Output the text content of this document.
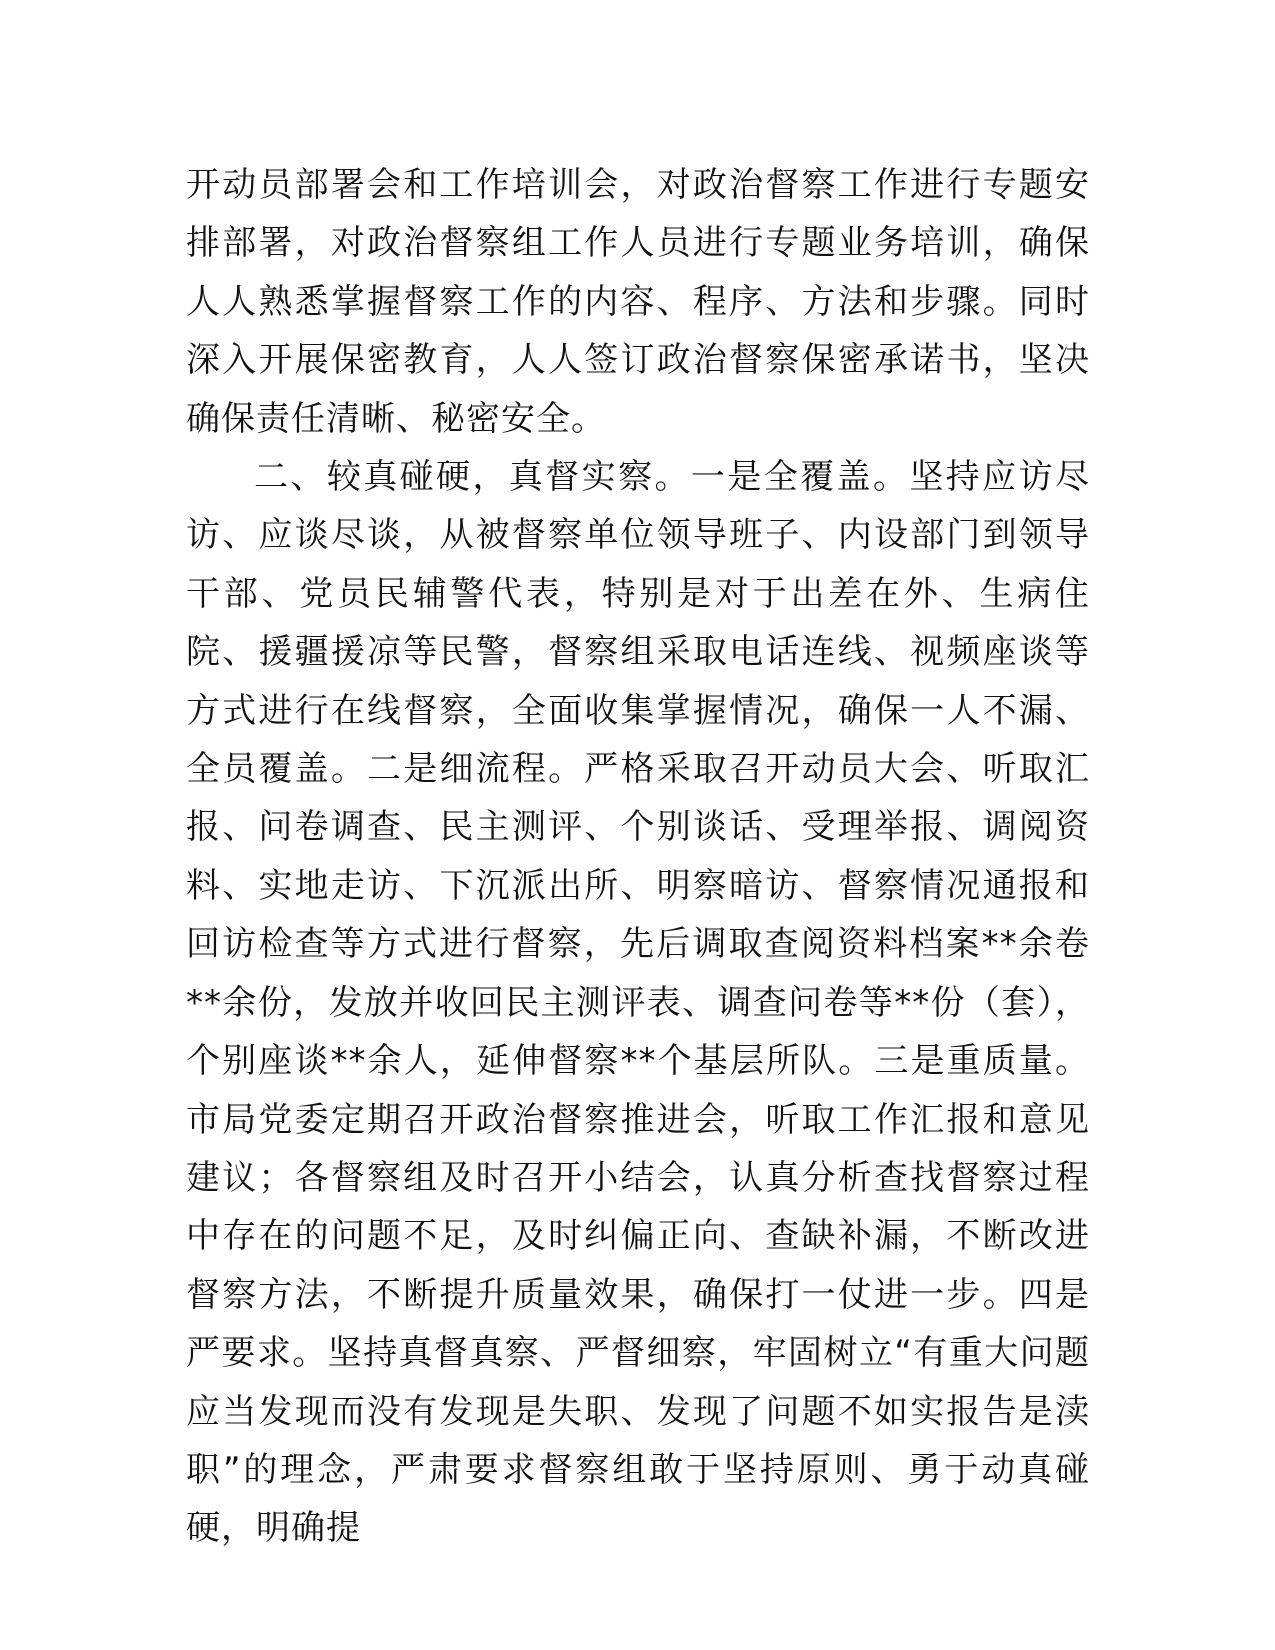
开动员部署会和工作培训会，对政治督察工作进行专题安排部署，对政治督察组工作人员进行专题业务培训，确保人人熟悉掌握督察工作的内容、程序、方法和步骤。同时深入开展保密教育，人人签订政治督察保密承诺书，坚决确保责任清晰、秘密安全。

二、较真碰硬，真督实察。一是全覆盖。坚持应访尽访、应谈尽谈，从被督察单位领导班子、内设部门到领导干部、党员民辅警代表，特别是对于出差在外、生病住院、援疆援凉等民警，督察组采取电话连线、视频座谈等方式进行在线督察，全面收集掌握情况，确保一人不漏、全员覆盖。二是细流程。严格采取召开动员大会、听取汇报、问卷调查、民主测评、个别谈话、受理举报、调阅资料、实地走访、下沉派出所、明察暗访、督察情况通报和回访检查等方式进行督察，先后调取查阅资料档案**余卷**余份，发放并收回民主测评表、调查问卷等**份（套），个别座谈**余人，延伸督察**个基层所队。三是重质量。市局党委定期召开政治督察推进会，听取工作汇报和意见建议；各督察组及时召开小结会，认真分析查找督察过程中存在的问题不足，及时纠偏正向、查缺补漏，不断改进督察方法，不断提升质量效果，确保打一仗进一步。四是严要求。坚持真督真察、严督细察，牢固树立“有重大问题应当发现而没有发现是失职、发现了问题不如实报告是渎职”的理念，严肃要求督察组敢于坚持原则、勇于动真碰硬，明确提
